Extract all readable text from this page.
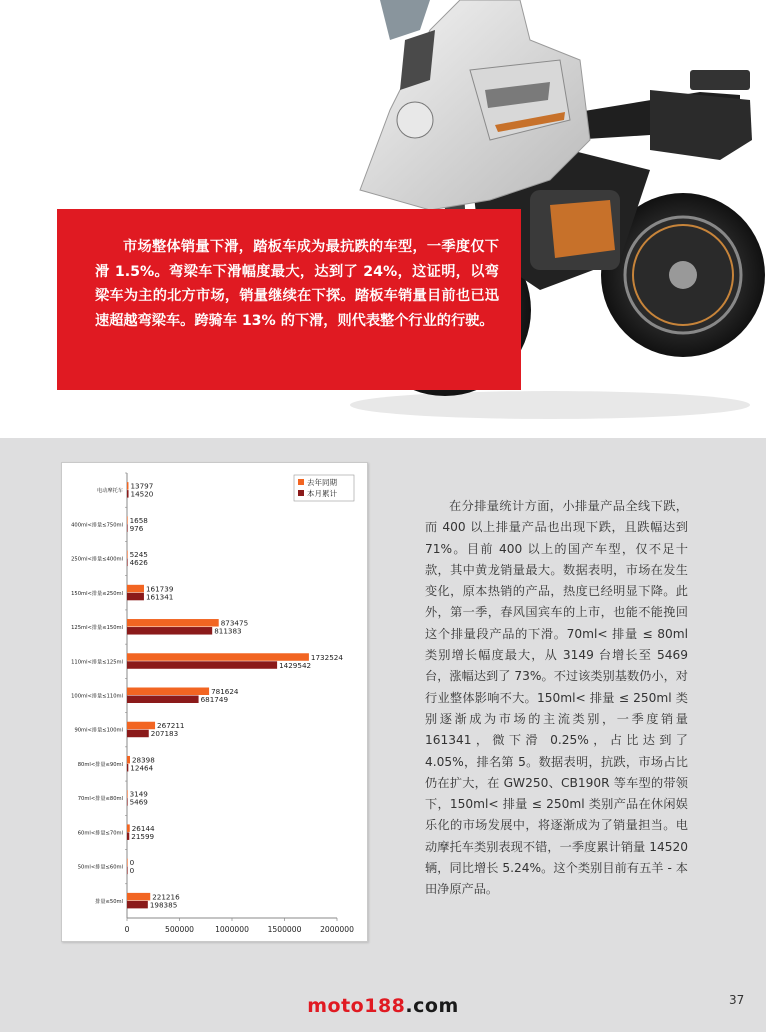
市场整体销量下滑，踏板车成为最抗跌的车型，一季度仅下滑 1.5%。弯梁车下滑幅度最大，达到了 24%，这证明，以弯梁车为主的北方市场，销量继续在下探。踏板车销量目前也已迅速超越弯梁车。跨骑车 13% 的下滑，则代表整个行业的行驶。

电动摩托车
13797
14520
400ml<排量≤750ml
1658
976
250ml<排量≤400ml
5245
4626
150ml<排量≤250ml
161739
161341
125ml<排量≤150ml
873475
811383
110ml<排量≤125ml
1732524
1429542
100ml<排量≤110ml
781624
681749
90ml<排量≤100ml
267211
207183
80ml<排量≤90ml
28398
12464
70ml<排量≤80ml
3149
5469
60ml<排量≤70ml
26144
21599
50ml<排量≤60ml
0
0
排量≤50ml
221216
198385
0	500000	1000000 1500000 2000000
去年同期
本月累计

在分排量统计方面，小排量产品全线下跌，而 400 以上排量产品也出现下跌，且跌幅达到 71%。目前 400 以上的国产车型，仅不足十款，其中黄龙销量最大。数据表明，市场在发生变化，原本热销的产品，热度已经明显下降。此外，第一季，春风国宾车的上市，也能不能挽回这个排量段产品的下滑。70ml< 排量 ≤ 80ml 类别增长幅度最大，从 3149 台增长至 5469 台，涨幅达到了 73%。不过该类别基数仍小，对行业整体影响不大。150ml< 排量 ≤ 250ml 类别逐渐成为市场的主流类别，一季度销量 161341，微下滑 0.25%，占比达到了 4.05%，排名第 5。数据表明，抗跌，市场占比仍在扩大，在 GW250、CB190R 等车型的带领下，150ml< 排量 ≤ 250ml 类别产品在休闲娱乐化的市场发展中，将逐渐成为了销量担当。电动摩托车类别表现不错，一季度累计销量 14520 辆，同比增长 5.24%。这个类别目前有五羊 - 本田净原产品。

moto188.com	37
